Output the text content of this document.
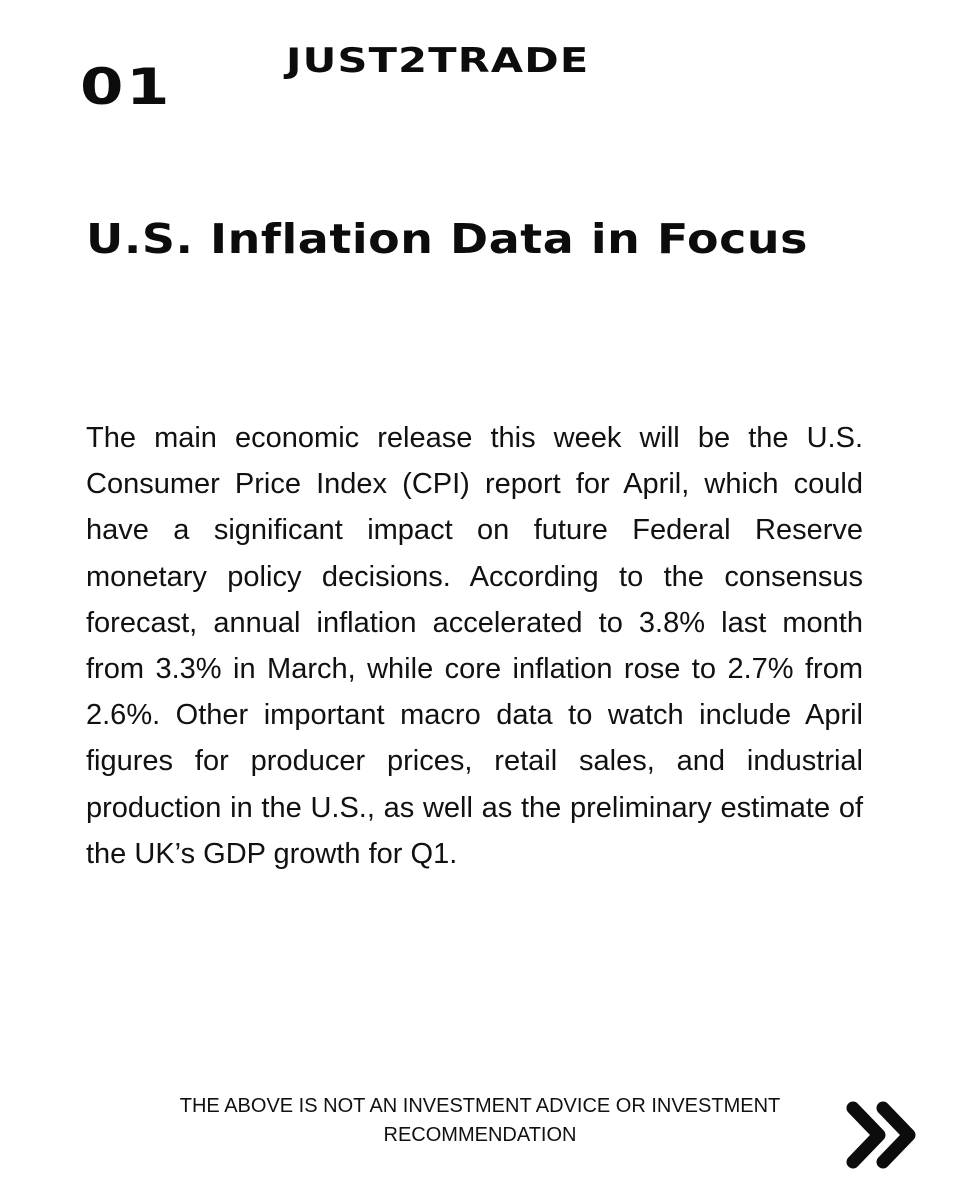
01	JUST2TRADE
U.S. Inflation Data in Focus

The main economic release this week will be the U.S. Consumer Price Index (CPI) report for April, which could have a significant impact on future Federal Reserve monetary policy decisions. According to the consensus forecast, annual inflation accelerated to 3.8% last month from 3.3% in March, while core inflation rose to 2.7% from 2.6%. Other important macro data to watch include April figures for producer prices, retail sales, and industrial production in the U.S., as well as the preliminary estimate of the UK’s GDP growth for Q1.

THE ABOVE IS NOT AN INVESTMENT ADVICE OR INVESTMENT RECOMMENDATION
